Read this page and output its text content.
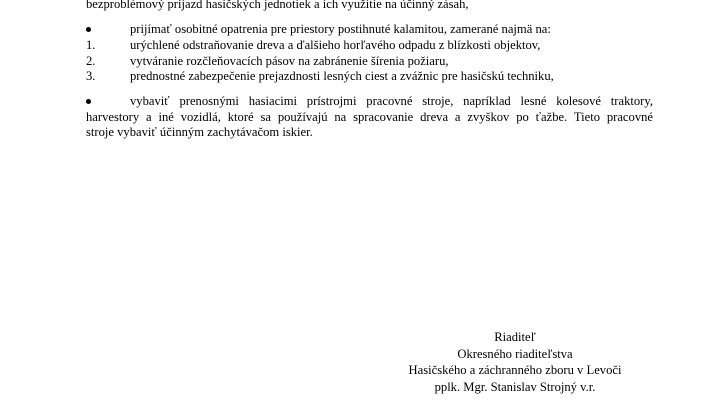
bezproblémový príjazd hasičských jednotiek a ich využitie na účinný zásah,
prijímať osobitné opatrenia pre priestory postihnuté kalamitou, zamerané najmä na:
1.	urýchlené odstraňovanie dreva a ďalšieho horľavého odpadu z blízkosti objektov,
2.	vytváranie rozčleňovacích pásov na zabránenie šírenia požiaru,
3.	prednostné zabezpečenie prejazdnosti lesných ciest a zvážnic pre hasičskú techniku,
vybaviť prenosnými hasiacimi prístrojmi pracovné stroje, napríklad lesné kolesové traktory,
harvestory a iné vozidlá, ktoré sa používajú na spracovanie dreva a zvyškov po ťažbe. Tieto pracovné
stroje vybaviť účinným zachytávačom iskier.
Riaditeľ
Okresného riaditeľstva
Hasičského a záchranného zboru v Levoči
pplk. Mgr. Stanislav Strojný v.r.
